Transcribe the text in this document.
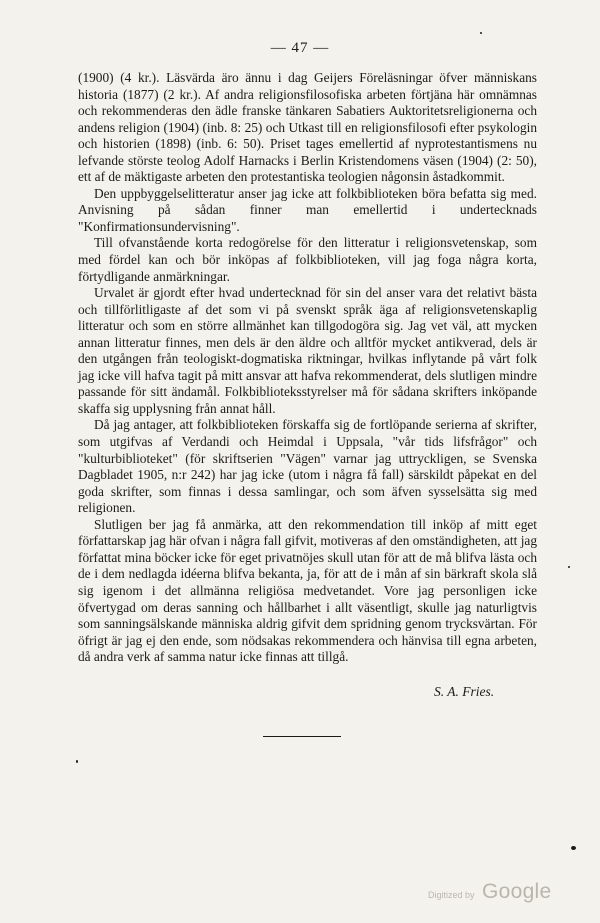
— 47 —

(1900) (4 kr.). Läsvärda äro ännu i dag Geijers Föreläsningar öfver människans historia (1877) (2 kr.). Af andra religionsfilosofiska arbeten förtjäna här omnämnas och rekommenderas den ädle franske tänkaren Sabatiers Auktoritetsreligionerna och andens religion (1904) (inb. 8: 25) och Utkast till en religionsfilosofi efter psykologin och historien (1898) (inb. 6: 50). Priset tages emellertid af nyprotestantismens nu lefvande störste teolog Adolf Harnacks i Berlin Kristendomens väsen (1904) (2: 50), ett af de mäktigaste arbeten den protestantiska teologien någonsin åstadkommit.

Den uppbyggelselitteratur anser jag icke att folkbiblioteken böra befatta sig med. Anvisning på sådan finner man emellertid i undertecknads "Konfirmationsundervisning".

Till ofvanstående korta redogörelse för den litteratur i religionsvetenskap, som med fördel kan och bör inköpas af folkbiblioteken, vill jag foga några korta, förtydligande anmärkningar.

Urvalet är gjordt efter hvad undertecknad för sin del anser vara det relativt bästa och tillförlitligaste af det som vi på svenskt språk äga af religionsvetenskaplig litteratur och som en större allmänhet kan tillgodogöra sig. Jag vet väl, att mycken annan litteratur finnes, men dels är den äldre och alltför mycket antikverad, dels är den utgången från teologiskt-dogmatiska riktningar, hvilkas inflytande på vårt folk jag icke vill hafva tagit på mitt ansvar att hafva rekommenderat, dels slutligen mindre passande för sitt ändamål. Folkbiblioteksstyrelser må för sådana skrifters inköpande skaffa sig upplysning från annat håll.

Då jag antager, att folkbiblioteken förskaffa sig de fortlöpande serierna af skrifter, som utgifvas af Verdandi och Heimdal i Uppsala, "vår tids lifsfrågor" och "kulturbiblioteket" (för skriftserien "Vägen" varnar jag uttryckligen, se Svenska Dagbladet 1905, n:r 242) har jag icke (utom i några få fall) särskildt påpekat en del goda skrifter, som finnas i dessa samlingar, och som äfven sysselsätta sig med religionen.

Slutligen ber jag få anmärka, att den rekommendation till inköp af mitt eget författarskap jag här ofvan i några fall gifvit, motiveras af den omständigheten, att jag författat mina böcker icke för eget privatnöjes skull utan för att de må blifva lästa och de i dem nedlagda idéerna blifva bekanta, ja, för att de i mån af sin bärkraft skola slå sig igenom i det allmänna religiösa medvetandet. Vore jag personligen icke öfvertygad om deras sanning och hållbarhet i allt väsentligt, skulle jag naturligtvis som sanningsälskande människa aldrig gifvit dem spridning genom trycksvärtan. För öfrigt är jag ej den ende, som nödsakas rekommendera och hänvisa till egna arbeten, då andra verk af samma natur icke finnas att tillgå.

S. A. Fries.
Digitized by Google
